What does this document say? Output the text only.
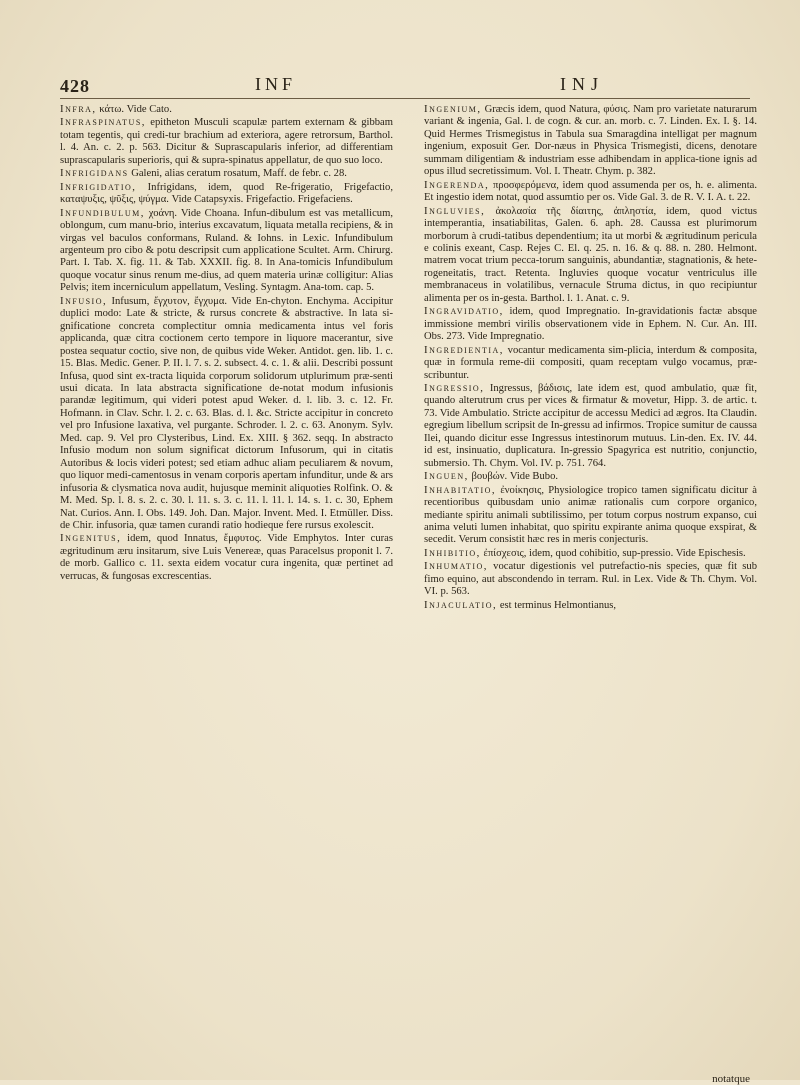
428	INF	INJ

Infra, κάτω. Vide Cato.

Infraspinatus, epitheton Musculi scapulæ partem externam & gibbam totam tegentis, qui credi-tur brachium ad exteriora, agere retrorsum, Barthol. l. 4. An. c. 2. p. 563. Dicitur & Suprascapularis inferior, ad differentiam suprascapularis superioris, qui & supra-spinatus appellatur, de quo suo loco.

Infrigidans Galeni, alias ceratum rosatum, Maff. de febr. c. 28.

Infrigidatio, Infrigidans, idem, quod Re-frigeratio, Frigefactio, καταψυξις, ψῦξις, ψύγμα. Vide Catapsyxis. Frigefactio. Frigefaciens.

Infundibulum, χοάνη. Vide Choana. Infun-dibulum est vas metallicum, oblongum, cum manu-brio, interius excavatum, liquata metalla recipiens, & in virgas vel baculos conformans, Ruland. & Iohns. in Lexic. Infundibulum argenteum pro cibo & potu descripsit cum applicatione Scultet. Arm. Chirurg. Part. I. Tab. X. fig. 11. & Tab. XXXII. fig. 8. In Ana-tomicis Infundibulum quoque vocatur sinus renum me-dius, ad quem materia urinæ colligitur: Alias Pelvis; item incerniculum appellatum, Vesling. Syntagm. Ana-tom. cap. 5.

Infusio, Infusum, ἔγχυτον, ἔγχυμα. Vide En-chyton. Enchyma. Accipitur duplici modo: Late & stricte, & rursus concrete & abstractive. In lata si-gnificatione concreta complectitur omnia medicamenta intus vel foris applicanda, quæ citra coctionem certo tempore in liquore macerantur, sive postea sequatur coctio, sive non, de quibus vide Weker. Antidot. gen. lib. 1. c. 15. Blas. Medic. Gener. P. II. l. 7. s. 2. subsect. 4. c. 1. & alii. Describi possunt Infusa, quod sint ex-tracta liquida corporum solidorum utplurimum præ-senti usui dicata. In lata abstracta significatione de-notat modum infusionis parandæ legitimum, qui videri potest apud Weker. d. l. lib. 3. c. 12. Fr. Hofmann. in Clav. Schr. l. 2. c. 63. Blas. d. l. &c. Stricte accipitur in concreto vel pro Infusione laxativa, vel purgante. Schroder. l. 2. c. 63. Anonym. Sylv. Med. cap. 9. Vel pro Clysteribus, Lind. Ex. XIII. § 362. seqq. In abstracto Infusio modum non solum significat dictorum Infusorum, qui in citatis Autoribus & locis videri potest; sed etiam adhuc aliam peculiarem & novum, quo liquor medi-camentosus in venam corporis apertam infunditur, unde & ars infusoria & clysmatica nova audit, hujusque meminit aliquoties Rolfink. O. & M. Med. Sp. l. 8. s. 2. c. 30. l. 11. s. 3. c. 11. l. 11. l. 14. s. 1. c. 30, Ephem Nat. Curios. Ann. I. Obs. 149. Joh. Dan. Major. Invent. Med. I. Etmüller. Diss. de Chir. infusoria, quæ tamen curandi ratio hodieque fere rursus exolescit.

Ingenitus, idem, quod Innatus, ἔμφυτος. Vide Emphytos. Inter curas ægritudinum æru insitarum, sive Luis Venereæ, quas Paracelsus proponit l. 7. de morb. Gallico c. 11. sexta eidem vocatur cura ingenita, quæ pertinet ad verrucas, & fungosas excrescentias.

Ingenium, Græcis idem, quod Natura, φύσις. Nam pro varietate naturarum variant & ingenia, Gal. l. de cogn. & cur. an. morb. c. 7. Linden. Ex. I. §. 14. Quid Hermes Trismegistus in Tabula sua Smaragdina intelligat per magnum ingenium, exposuit Ger. Dor-næus in Physica Trismegisti, dicens, denotare summam diligentiam & industriam esse adhibendam in applica-tione ignis ad opus illud secretissimum. Vol. I. Theatr. Chym. p. 382.

Ingerenda, προσφερόμενα, idem quod assumenda per os, h. e. alimenta. Et ingestio idem notat, quod assumtio per os. Vide Gal. 3. de R. V. I. A. t. 22.

Ingluvies, ἀκολασία τῆς δίαιτης, ἀπληστία, idem, quod victus intemperantia, insatiabilitas, Galen. 6. aph. 28. Caussa est plurimorum morborum à crudi-tatibus dependentium; ita ut morbi & ægritudinum pericula e colinis exeant, Casp. Rejes C. El. q. 25. n. 16. & q. 88. n. 280. Helmont. matrem vocat trium pecca-torum sanguinis, abundantiæ, stagnationis, & hete-rogeneitatis, tract. Retenta. Ingluvies quoque vocatur ventriculus ille membranaceus in volatilibus, vernacule Struma dictus, in quo recipiuntur alimenta per os in-gesta. Barthol. l. 1. Anat. c. 9.

Ingravidatio, idem, quod Impregnatio. In-gravidationis factæ absque immissione membri virilis observationem vide in Ephem. N. Cur. An. III. Obs. 273. Vide Impregnatio.

Ingredientia, vocantur medicamenta sim-plicia, interdum & composita, quæ in formula reme-dii compositi, quam receptam vulgo vocamus, præ-scribuntur.

Ingressio, Ingressus, βάδισις, late idem est, quod ambulatio, quæ fit, quando alterutrum crus per vices & firmatur & movetur, Hipp. 3. de artic. t. 73. Vide Ambulatio. Stricte accipitur de accessu Medici ad ægros. Ita Claudin. egregium libellum scripsit de In-gressu ad infirmos. Tropice sumitur de caussa Ilei, quando dicitur esse Ingressus intestinorum mutuus. Lin-den. Ex. IV. 44. id est, insinuatio, duplicatura. In-gressio Spagyrica est nutritio, conjunctio, submersio. Th. Chym. Vol. IV. p. 751. 764.

Inguen, βουβών. Vide Bubo.

Inhabitatio, ἐνοίκησις, Physiologice tropico tamen significatu dicitur à recentioribus quibusdam unio animæ rationalis cum corpore organico, mediante spiritu animali subtilissimo, per totum corpus nostrum expanso, cui anima veluti lumen inhabitat, quo spiritu expirante anima quoque exspirat, & secedit. Verum consistit hæc res in meris conjecturis.

Inhibitio, ἐπίσχεσις, idem, quod cohibitio, sup-pressio. Vide Epischesis.

Inhumatio, vocatur digestionis vel putrefactio-nis species, quæ fit sub fimo equino, aut abscondendo in terram. Rul. in Lex. Vide & Th. Chym. Vol. VI. p. 563.

Injaculatio, est terminus Helmontianus,

notatque
